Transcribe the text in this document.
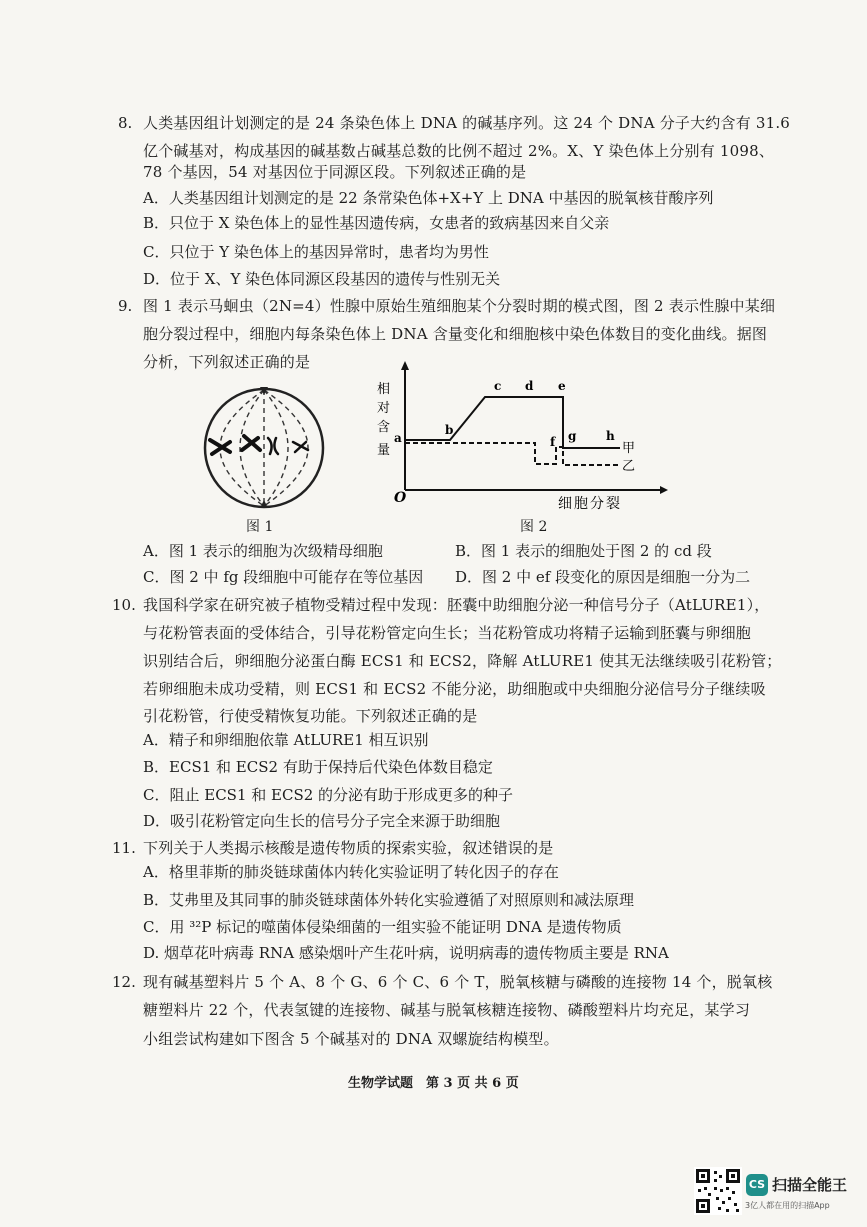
8. 人类基因组计划测定的是 24 条染色体上 DNA 的碱基序列。这 24 个 DNA 分子大约含有 31.6
亿个碱基对，构成基因的碱基数占碱基总数的比例不超过 2%。X、Y 染色体上分别有 1098、
78 个基因，54 对基因位于同源区段。下列叙述正确的是
A．人类基因组计划测定的是 22 条常染色体+X+Y 上 DNA 中基因的脱氧核苷酸序列
B．只位于 X 染色体上的显性基因遗传病，女患者的致病基因来自父亲
C．只位于 Y 染色体上的基因异常时，患者均为男性
D．位于 X、Y 染色体同源区段基因的遗传与性别无关
9. 图 1 表示马蛔虫（2N=4）性腺中原始生殖细胞某个分裂时期的模式图，图 2 表示性腺中某细
胞分裂过程中，细胞内每条染色体上 DNA 含量变化和细胞核中染色体数目的变化曲线。据图
分析，下列叙述正确的是
图 1
相
对
含
量
a
b
c d e
f g h
甲
乙
O	细胞分裂
图 2
A．图 1 表示的细胞为次级精母细胞	B．图 1 表示的细胞处于图 2 的 cd 段
C．图 2 中 fg 段细胞中可能存在等位基因 D．图 2 中 ef 段变化的原因是细胞一分为二
10. 我国科学家在研究被子植物受精过程中发现：胚囊中助细胞分泌一种信号分子（AtLURE1），
与花粉管表面的受体结合，引导花粉管定向生长；当花粉管成功将精子运输到胚囊与卵细胞
识别结合后，卵细胞分泌蛋白酶 ECS1 和 ECS2，降解 AtLURE1 使其无法继续吸引花粉管；
若卵细胞未成功受精，则 ECS1 和 ECS2 不能分泌，助细胞或中央细胞分泌信号分子继续吸
引花粉管，行使受精恢复功能。下列叙述正确的是
A．精子和卵细胞依靠 AtLURE1 相互识别
B．ECS1 和 ECS2 有助于保持后代染色体数目稳定
C．阻止 ECS1 和 ECS2 的分泌有助于形成更多的种子
D．吸引花粉管定向生长的信号分子完全来源于助细胞
11. 下列关于人类揭示核酸是遗传物质的探索实验，叙述错误的是
A．格里菲斯的肺炎链球菌体内转化实验证明了转化因子的存在
B．艾弗里及其同事的肺炎链球菌体外转化实验遵循了对照原则和减法原理
C．用 ³²P 标记的噬菌体侵染细菌的一组实验不能证明 DNA 是遗传物质
D. 烟草花叶病毒 RNA 感染烟叶产生花叶病，说明病毒的遗传物质主要是 RNA
12. 现有碱基塑料片 5 个 A、8 个 G、6 个 C、6 个 T，脱氧核糖与磷酸的连接物 14 个，脱氧核
糖塑料片 22 个，代表氢键的连接物、碱基与脱氧核糖连接物、磷酸塑料片均充足，某学习
小组尝试构建如下图含 5 个碱基对的 DNA 双螺旋结构模型。
生物学试题　第 3 页 共 6 页
CS 扫描全能王
3亿人都在用的扫描App
